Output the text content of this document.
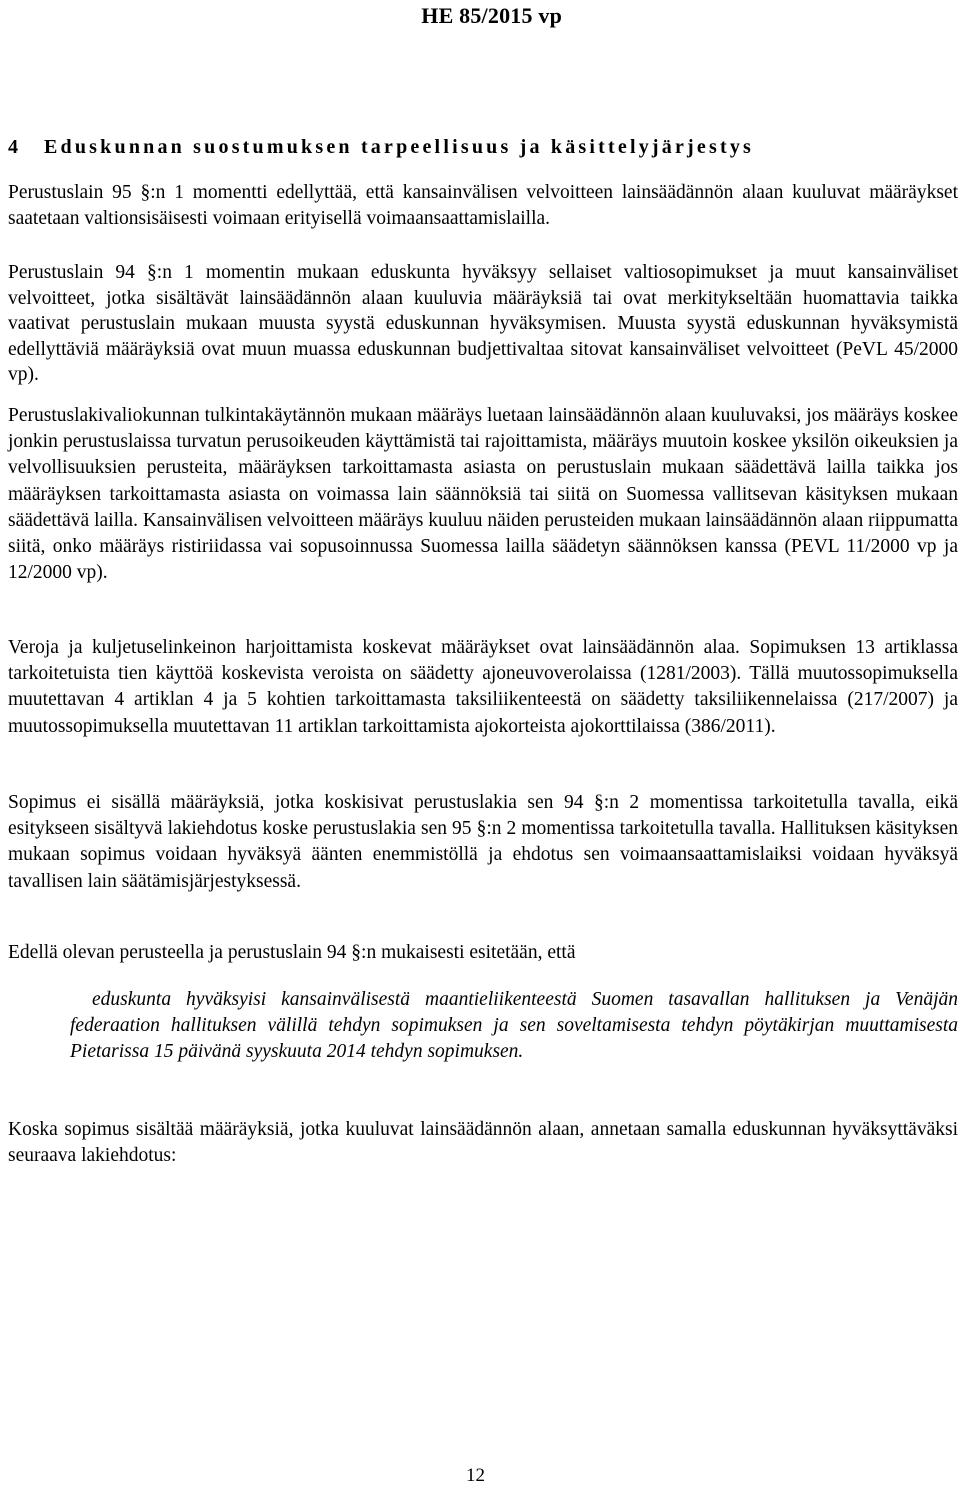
HE 85/2015 vp
4 Eduskunnan suostumuksen tarpeellisuus ja käsittelyjärjestys

Perustuslain 95 §:n 1 momentti edellyttää, että kansainvälisen velvoitteen lainsäädännön alaan kuuluvat määräykset saatetaan valtionsisäisesti voimaan erityisellä voimaansaattamislailla.

Perustuslain 94 §:n 1 momentin mukaan eduskunta hyväksyy sellaiset valtiosopimukset ja muut kansainväliset velvoitteet, jotka sisältävät lainsäädännön alaan kuuluvia määräyksiä tai ovat merkitykseltään huomattavia taikka vaativat perustuslain mukaan muusta syystä eduskunnan hyväksymisen. Muusta syystä eduskunnan hyväksymistä edellyttäviä määräyksiä ovat muun muassa eduskunnan budjettivaltaa sitovat kansainväliset velvoitteet (PeVL 45/2000 vp).

Perustuslakivaliokunnan tulkintakäytännön mukaan määräys luetaan lainsäädännön alaan kuuluvaksi, jos määräys koskee jonkin perustuslaissa turvatun perusoikeuden käyttämistä tai rajoittamista, määräys muutoin koskee yksilön oikeuksien ja velvollisuuksien perusteita, määräyksen tarkoittamasta asiasta on perustuslain mukaan säädettävä lailla taikka jos määräyksen tarkoittamasta asiasta on voimassa lain säännöksiä tai siitä on Suomessa vallitsevan käsityksen mukaan säädettävä lailla. Kansainvälisen velvoitteen määräys kuuluu näiden perusteiden mukaan lainsäädännön alaan riippumatta siitä, onko määräys ristiriidassa vai sopusoinnussa Suomessa lailla säädetyn säännöksen kanssa (PEVL 11/2000 vp ja 12/2000 vp).

Veroja ja kuljetuselinkeinon harjoittamista koskevat määräykset ovat lainsäädännön alaa. Sopimuksen 13 artiklassa tarkoitetuista tien käyttöä koskevista veroista on säädetty ajoneuvoverolaissa (1281/2003). Tällä muutossopimuksella muutettavan 4 artiklan 4 ja 5 kohtien tarkoittamasta taksiliikenteestä on säädetty taksiliikennelaissa (217/2007) ja muutossopimuksella muutettavan 11 artiklan tarkoittamista ajokorteista ajokorttilaissa (386/2011).

Sopimus ei sisällä määräyksiä, jotka koskisivat perustuslakia sen 94 §:n 2 momentissa tarkoitetulla tavalla, eikä esitykseen sisältyvä lakiehdotus koske perustuslakia sen 95 §:n 2 momentissa tarkoitetulla tavalla. Hallituksen käsityksen mukaan sopimus voidaan hyväksyä äänten enemmistöllä ja ehdotus sen voimaansaattamislaiksi voidaan hyväksyä tavallisen lain säätämisjärjestyksessä.

Edellä olevan perusteella ja perustuslain 94 §:n mukaisesti esitetään, että

eduskunta hyväksyisi kansainvälisestä maantieliikenteestä Suomen tasavallan hallituksen ja Venäjän federaation hallituksen välillä tehdyn sopimuksen ja sen soveltamisesta tehdyn pöytäkirjan muuttamisesta Pietarissa 15 päivänä syyskuuta 2014 tehdyn sopimuksen.

Koska sopimus sisältää määräyksiä, jotka kuuluvat lainsäädännön alaan, annetaan samalla eduskunnan hyväksyttäväksi seuraava lakiehdotus:

12
